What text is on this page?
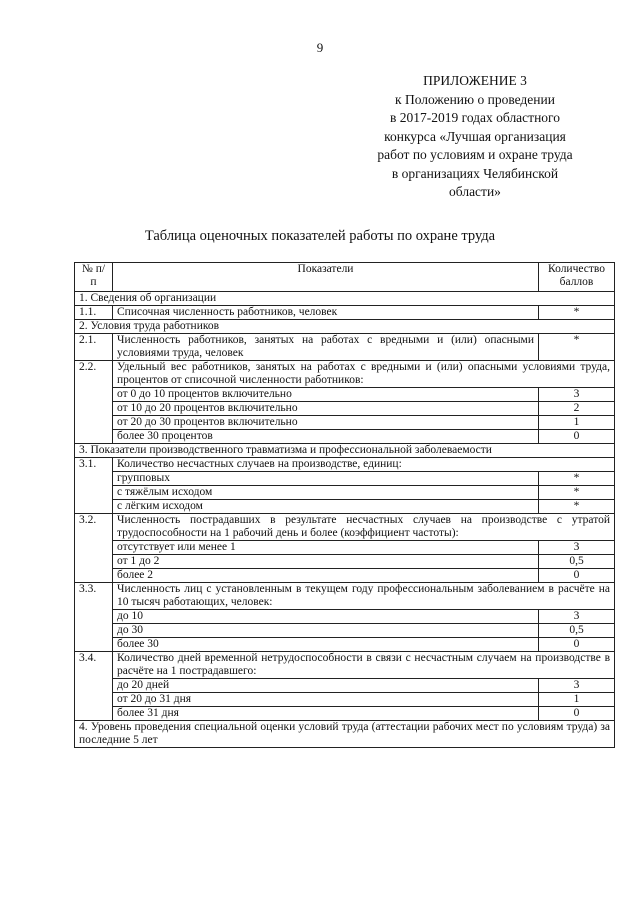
9
ПРИЛОЖЕНИЕ 3
к Положению о проведении
в 2017-2019 годах областного
конкурса «Лучшая организация
работ по условиям и охране труда
в организациях Челябинской
области»
Таблица оценочных показателей работы по охране труда
№ п/п	Показатели	Количество баллов
1. Сведения об организации		
1.1.	Списочная численность работников, человек	*
2. Условия труда работников		
2.1.	Численность работников, занятых на работах с вредными и (или) опасными условиями труда, человек	*
2.2.	Удельный вес работников, занятых на работах с вредными и (или) опасными условиями труда, процентов от списочной численности работников:	
	от 0 до 10 процентов включительно	3
	от 10 до 20 процентов включительно	2
	от 20 до 30 процентов включительно	1
	более 30 процентов	0
3. Показатели производственного травматизма и профессиональной заболеваемости		
3.1.	Количество несчастных случаев на производстве, единиц:	
	групповых	*
	с тяжёлым исходом	*
	с лёгким исходом	*
3.2.	Численность пострадавших в результате несчастных случаев на производстве с утратой трудоспособности на 1 рабочий день и более (коэффициент частоты):	
	отсутствует или менее 1	3
	от 1 до 2	0,5
	более 2	0
3.3.	Численность лиц с установленным в текущем году профессиональным заболеванием в расчёте на 10 тысяч работающих, человек:	
	до 10	3
	до 30	0,5
	более 30	0
3.4.	Количество дней временной нетрудоспособности в связи с несчастным случаем на производстве в расчёте на 1 пострадавшего:	
	до 20 дней	3
	от 20 до 31 дня	1
	более 31 дня	0
4. Уровень проведения специальной оценки условий труда (аттестации рабочих мест по условиям труда) за последние 5 лет		
